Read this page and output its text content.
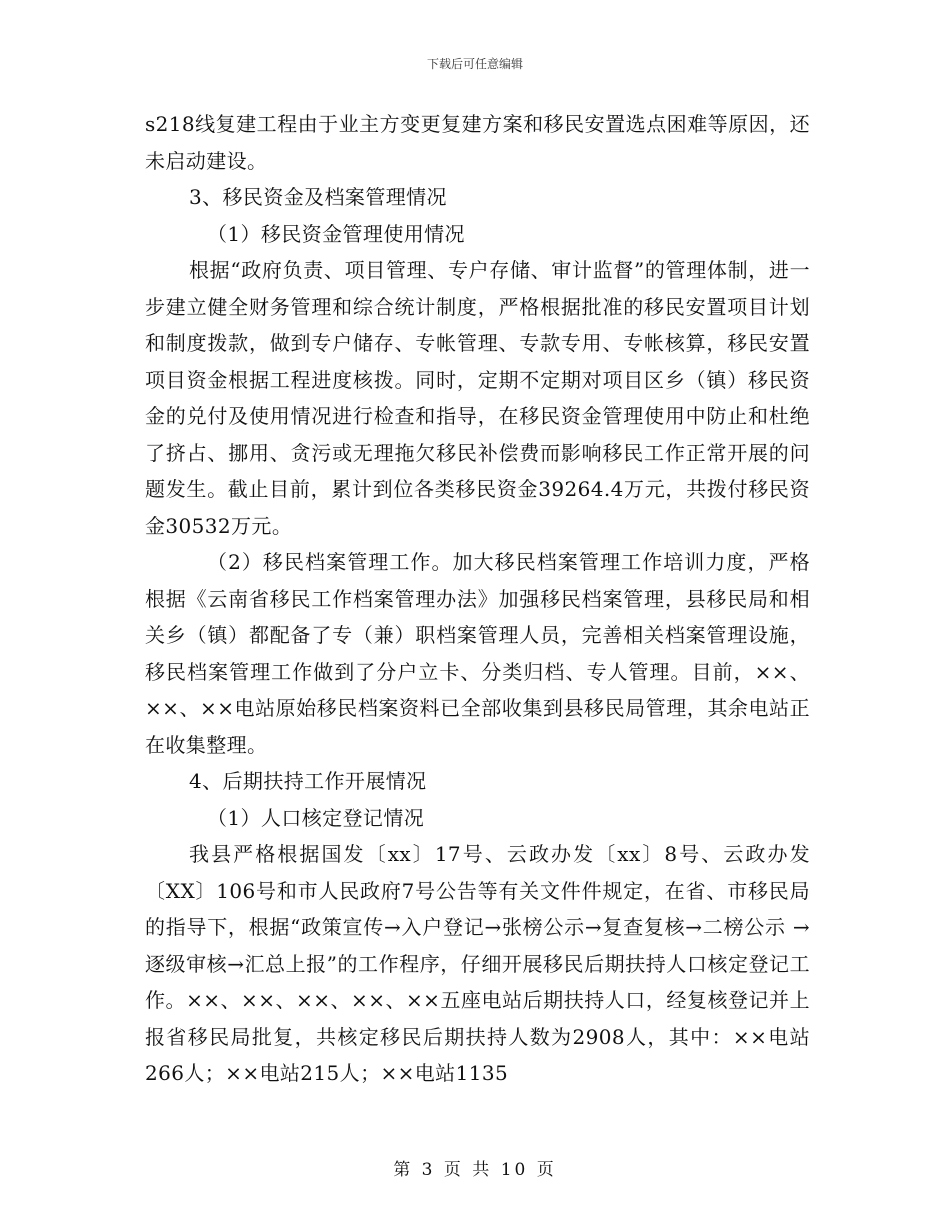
下载后可任意编辑

s218线复建工程由于业主方变更复建方案和移民安置选点困难等原因，还未启动建设。

3、移民资金及档案管理情况

（1）移民资金管理使用情况

根据“政府负责、项目管理、专户存储、审计监督”的管理体制，进一步建立健全财务管理和综合统计制度，严格根据批准的移民安置项目计划和制度拨款，做到专户储存、专帐管理、专款专用、专帐核算，移民安置项目资金根据工程进度核拨。同时，定期不定期对项目区乡（镇）移民资金的兑付及使用情况进行检查和指导，在移民资金管理使用中防止和杜绝了挤占、挪用、贪污或无理拖欠移民补偿费而影响移民工作正常开展的问题发生。截止目前，累计到位各类移民资金39264.4万元，共拨付移民资金30532万元。

（2）移民档案管理工作。加大移民档案管理工作培训力度，严格根据《云南省移民工作档案管理办法》加强移民档案管理，县移民局和相关乡（镇）都配备了专（兼）职档案管理人员，完善相关档案管理设施，移民档案管理工作做到了分户立卡、分类归档、专人管理。目前，××、××、××电站原始移民档案资料已全部收集到县移民局管理，其余电站正在收集整理。

4、后期扶持工作开展情况

（1）人口核定登记情况

我县严格根据国发〔xx〕17号、云政办发〔xx〕8号、云政办发〔XX〕106号和市人民政府7号公告等有关文件件规定，在省、市移民局的指导下，根据“政策宣传→入户登记→张榜公示→复查复核→二榜公示 →逐级审核→汇总上报”的工作程序，仔细开展移民后期扶持人口核定登记工作。××、××、××、××、××五座电站后期扶持人口，经复核登记并上报省移民局批复，共核定移民后期扶持人数为2908人，其中：××电站266人；××电站215人；××电站1135

第 3 页 共 10 页
